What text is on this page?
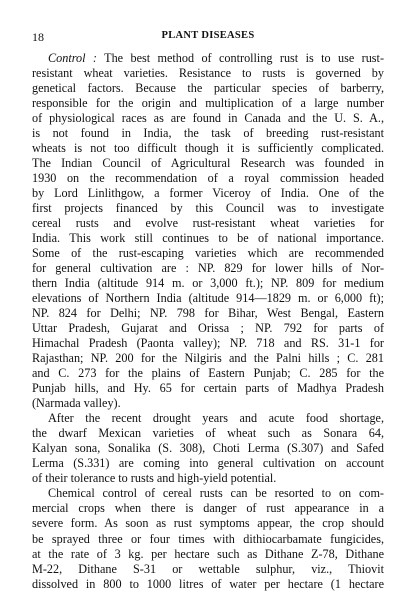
18	PLANT DISEASES
Control : The best method of controlling rust is to use rust-
resistant wheat varieties. Resistance to rusts is governed by
genetical factors. Because the particular species of barberry,
responsible for the origin and multiplication of a large number
of physiological races as are found in Canada and the U. S. A.,
is not found in India, the task of breeding rust-resistant
wheats is not too difficult though it is sufficiently complicated.
The Indian Council of Agricultural Research was founded in
1930 on the recommendation of a royal commission headed
by Lord Linlithgow, a former Viceroy of India. One of the
first projects financed by this Council was to investigate
cereal rusts and evolve rust-resistant wheat varieties for
India. This work still continues to be of national importance.
Some of the rust-escaping varieties which are recommended
for general cultivation are : NP. 829 for lower hills of Nor-
thern India (altitude 914 m. or 3,000 ft.); NP. 809 for medium
elevations of Northern India (altitude 914—1829 m. or 6,000 ft);
NP. 824 for Delhi; NP. 798 for Bihar, West Bengal, Eastern
Uttar Pradesh, Gujarat and Orissa ; NP. 792 for parts of
Himachal Pradesh (Paonta valley); NP. 718 and RS. 31-1 for
Rajasthan; NP. 200 for the Nilgiris and the Palni hills ; C. 281
and C. 273 for the plains of Eastern Punjab; C. 285 for the
Punjab hills, and Hy. 65 for certain parts of Madhya Pradesh
(Narmada valley).
After the recent drought years and acute food shortage,
the dwarf Mexican varieties of wheat such as Sonara 64,
Kalyan sona, Sonalika (S. 308), Choti Lerma (S.307) and Safed
Lerma (S.331) are coming into general cultivation on account
of their tolerance to rusts and high-yield potential.
Chemical control of cereal rusts can be resorted to on com-
mercial crops when there is danger of rust appearance in a
severe form. As soon as rust symptoms appear, the crop should
be sprayed three or four times with dithiocarbamate fungicides,
at the rate of 3 kg. per hectare such as Dithane Z-78, Dithane
M-22, Dithane S-31 or wettable sulphur, viz., Thiovit
dissolved in 800 to 1000 litres of water per hectare (1 hectare
